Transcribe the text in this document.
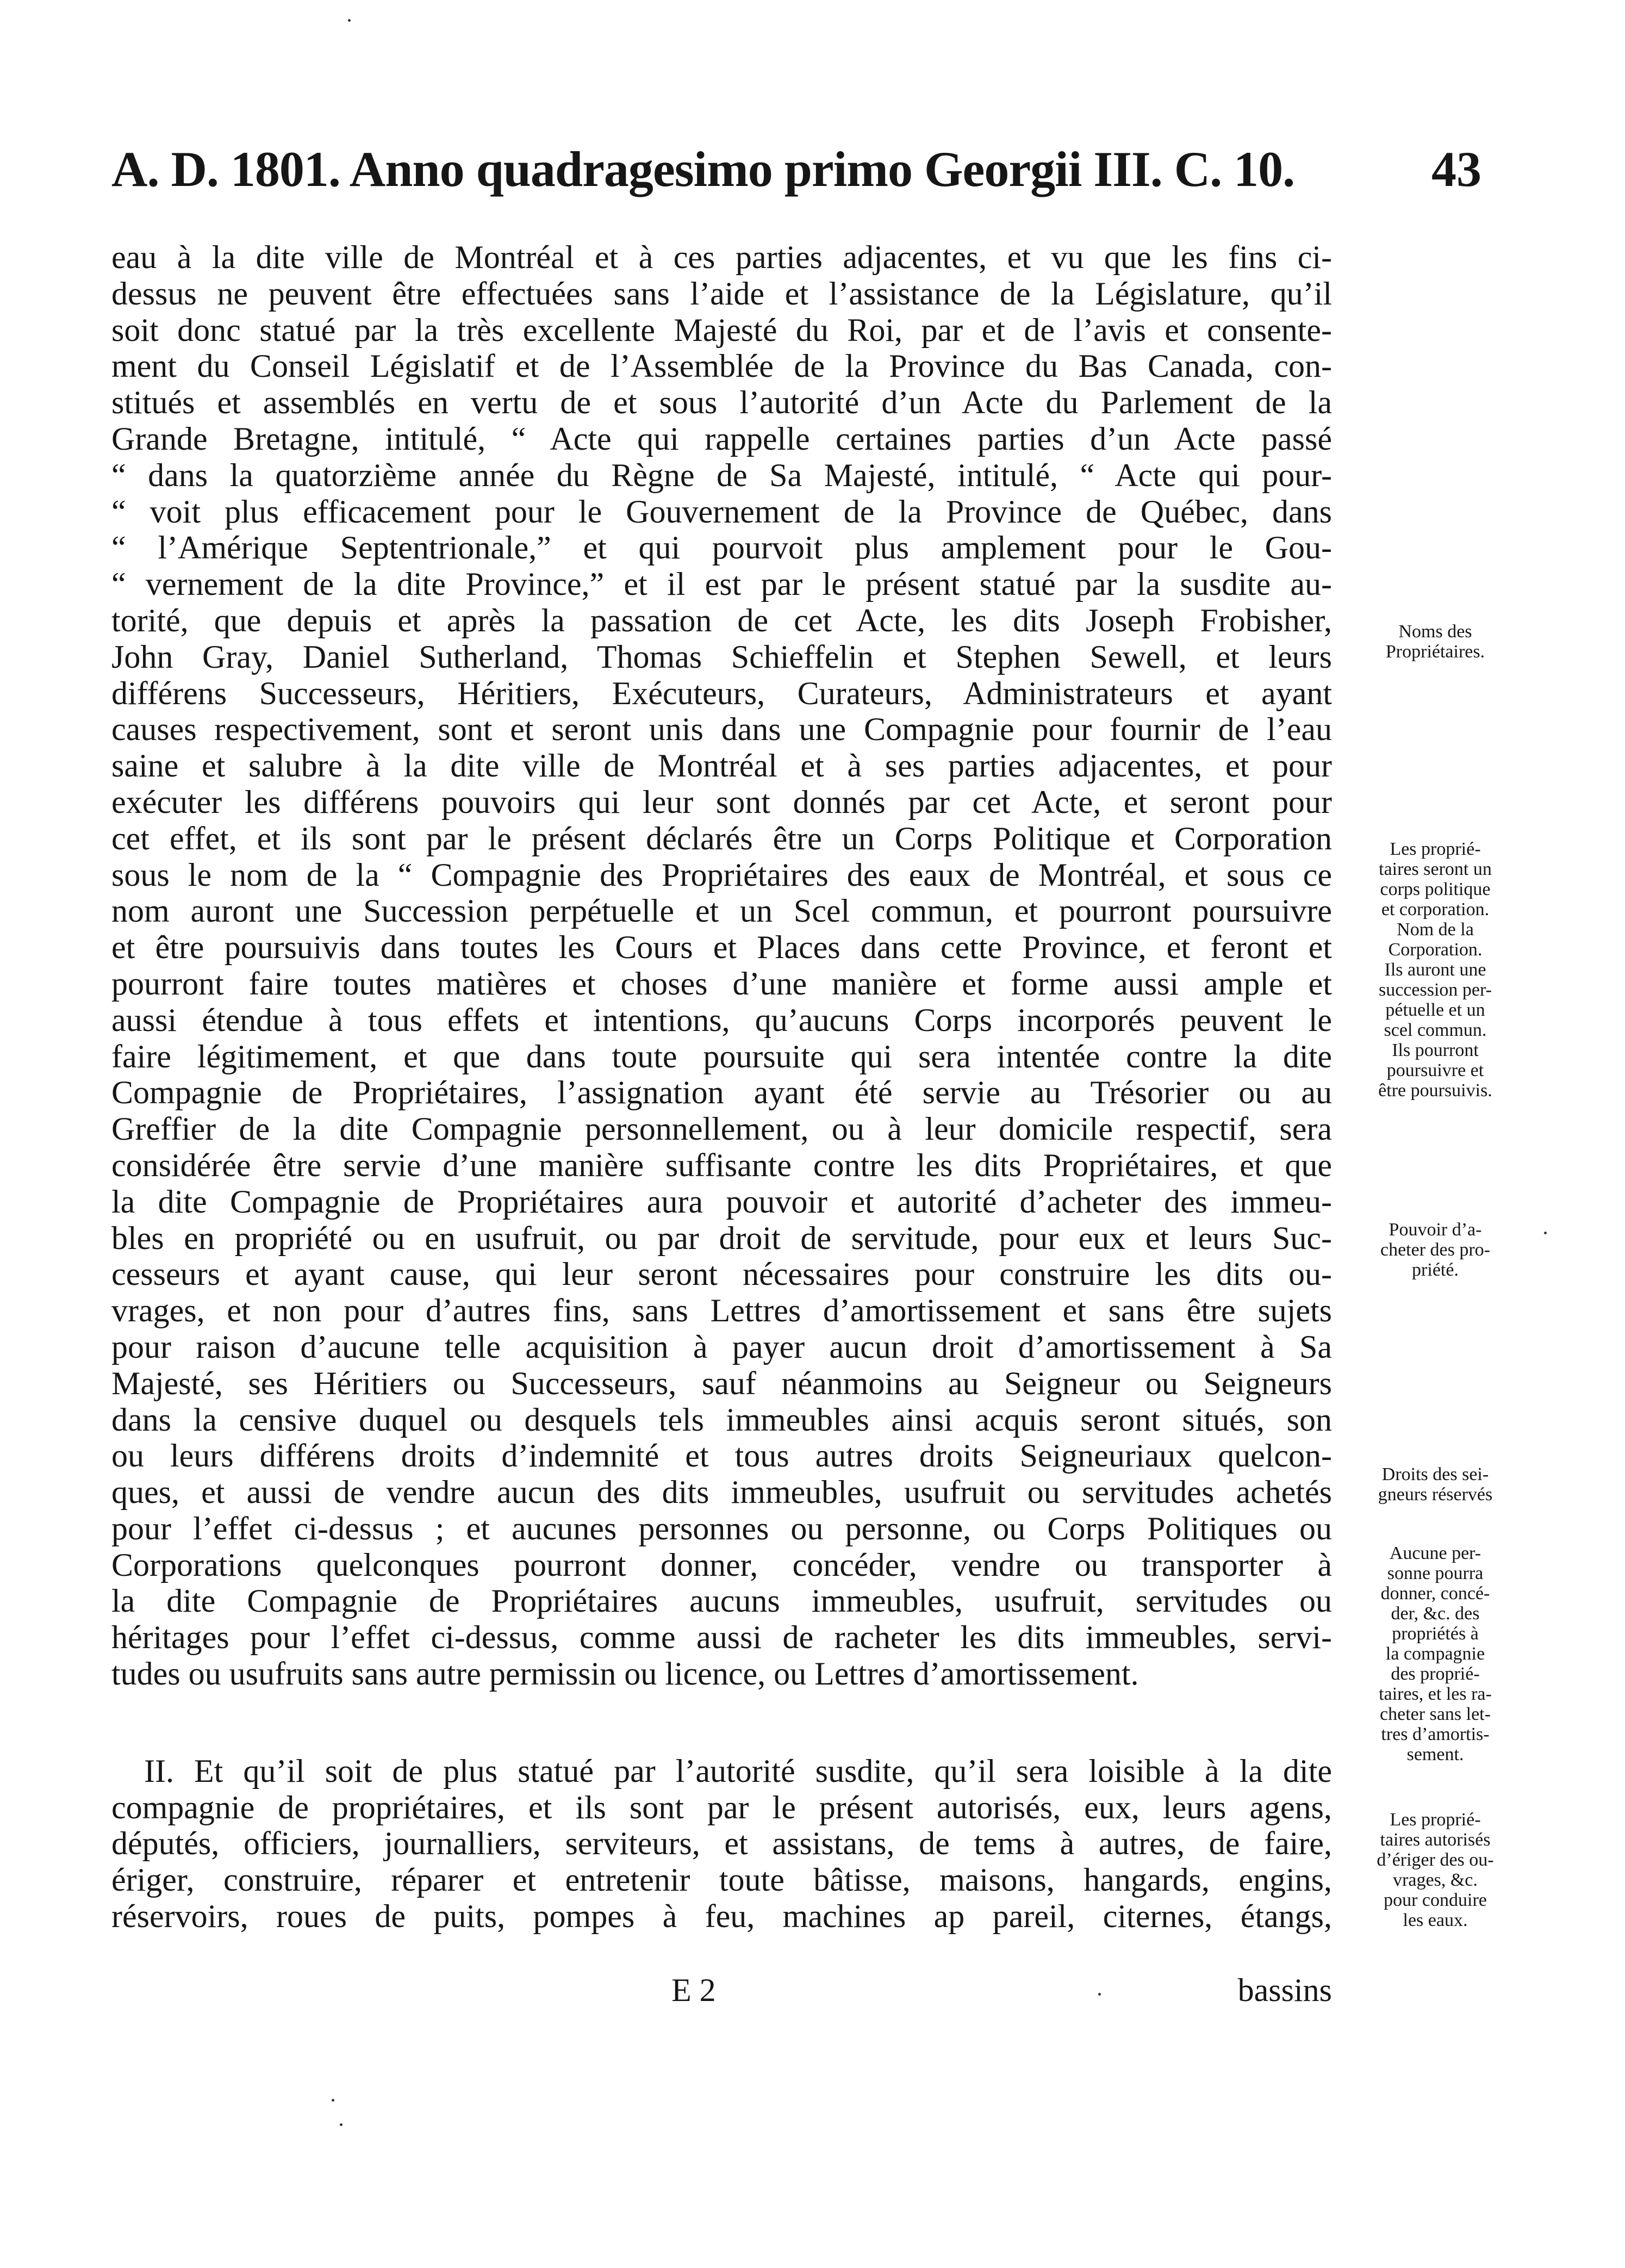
A. D. 1801. Anno quadragesimo primo Georgii III. C. 10.	43
eau à la dite ville de Montréal et à ces parties adjacentes, et vu que les fins ci-
dessus ne peuvent être effectuées sans l’aide et l’assistance de la Législature, qu’il
soit donc statué par la très excellente Majesté du Roi, par et de l’avis et consente-
ment du Conseil Législatif et de l’Assemblée de la Province du Bas Canada, con-
stitués et assemblés en vertu de et sous l’autorité d’un Acte du Parlement de la
Grande Bretagne, intitulé, “ Acte qui rappelle certaines parties d’un Acte passé
“ dans la quatorzième année du Règne de Sa Majesté, intitulé, “ Acte qui pour-
“ voit plus efficacement pour le Gouvernement de la Province de Québec, dans
“ l’Amérique Septentrionale,” et qui pourvoit plus amplement pour le Gou-
“ vernement de la dite Province,” et il est par le présent statué par la susdite au-
torité, que depuis et après la passation de cet Acte, les dits Joseph Frobisher,
John Gray, Daniel Sutherland, Thomas Schieffelin et Stephen Sewell, et leurs
différens Successeurs, Héritiers, Exécuteurs, Curateurs, Administrateurs et ayant
causes respectivement, sont et seront unis dans une Compagnie pour fournir de l’eau
saine et salubre à la dite ville de Montréal et à ses parties adjacentes, et pour
exécuter les différens pouvoirs qui leur sont donnés par cet Acte, et seront pour
cet effet, et ils sont par le présent déclarés être un Corps Politique et Corporation
sous le nom de la “ Compagnie des Propriétaires des eaux de Montréal, et sous ce
nom auront une Succession perpétuelle et un Scel commun, et pourront poursuivre
et être poursuivis dans toutes les Cours et Places dans cette Province, et feront et
pourront faire toutes matières et choses d’une manière et forme aussi ample et
aussi étendue à tous effets et intentions, qu’aucuns Corps incorporés peuvent le
faire légitimement, et que dans toute poursuite qui sera intentée contre la dite
Compagnie de Propriétaires, l’assignation ayant été servie au Trésorier ou au
Greffier de la dite Compagnie personnellement, ou à leur domicile respectif, sera
considérée être servie d’une manière suffisante contre les dits Propriétaires, et que
la dite Compagnie de Propriétaires aura pouvoir et autorité d’acheter des immeu-
bles en propriété ou en usufruit, ou par droit de servitude, pour eux et leurs Suc-
cesseurs et ayant cause, qui leur seront nécessaires pour construire les dits ou-
vrages, et non pour d’autres fins, sans Lettres d’amortissement et sans être sujets
pour raison d’aucune telle acquisition à payer aucun droit d’amortissement à Sa
Majesté, ses Héritiers ou Successeurs, sauf néanmoins au Seigneur ou Seigneurs
dans la censive duquel ou desquels tels immeubles ainsi acquis seront situés, son
ou leurs différens droits d’indemnité et tous autres droits Seigneuriaux quelcon-
ques, et aussi de vendre aucun des dits immeubles, usufruit ou servitudes achetés
pour l’effet ci-dessus ; et aucunes personnes ou personne, ou Corps Politiques ou
Corporations quelconques pourront donner, concéder, vendre ou transporter à
la dite Compagnie de Propriétaires aucuns immeubles, usufruit, servitudes ou
héritages pour l’effet ci-dessus, comme aussi de racheter les dits immeubles, servi-
tudes ou usufruits sans autre permissin ou licence, ou Lettres d’amortissement.
II. Et qu’il soit de plus statué par l’autorité susdite, qu’il sera loisible à la dite
compagnie de propriétaires, et ils sont par le présent autorisés, eux, leurs agens,
députés, officiers, journalliers, serviteurs, et assistans, de tems à autres, de faire,
ériger, construire, réparer et entretenir toute bâtisse, maisons, hangards, engins,
réservoirs, roues de puits, pompes à feu, machines ap pareil, citernes, étangs,
E 2	bassins
Noms des
Propriétaires.
Les proprié-
taires seront un
corps politique
et corporation.
Nom de la
Corporation.
Ils auront une
succession per-
pétuelle et un
scel commun.
Ils pourront
poursuivre et
être poursuivis.
Pouvoir d’a-
cheter des pro-
priété.
Droits des sei-
gneurs réservés
Aucune per-
sonne pourra
donner, concé-
der, &c. des
propriétés à
la compagnie
des proprié-
taires, et les ra-
cheter sans let-
tres d’amortis-
sement.
Les proprié-
taires autorisés
d’ériger des ou-
vrages, &c.
pour conduire
les eaux.
